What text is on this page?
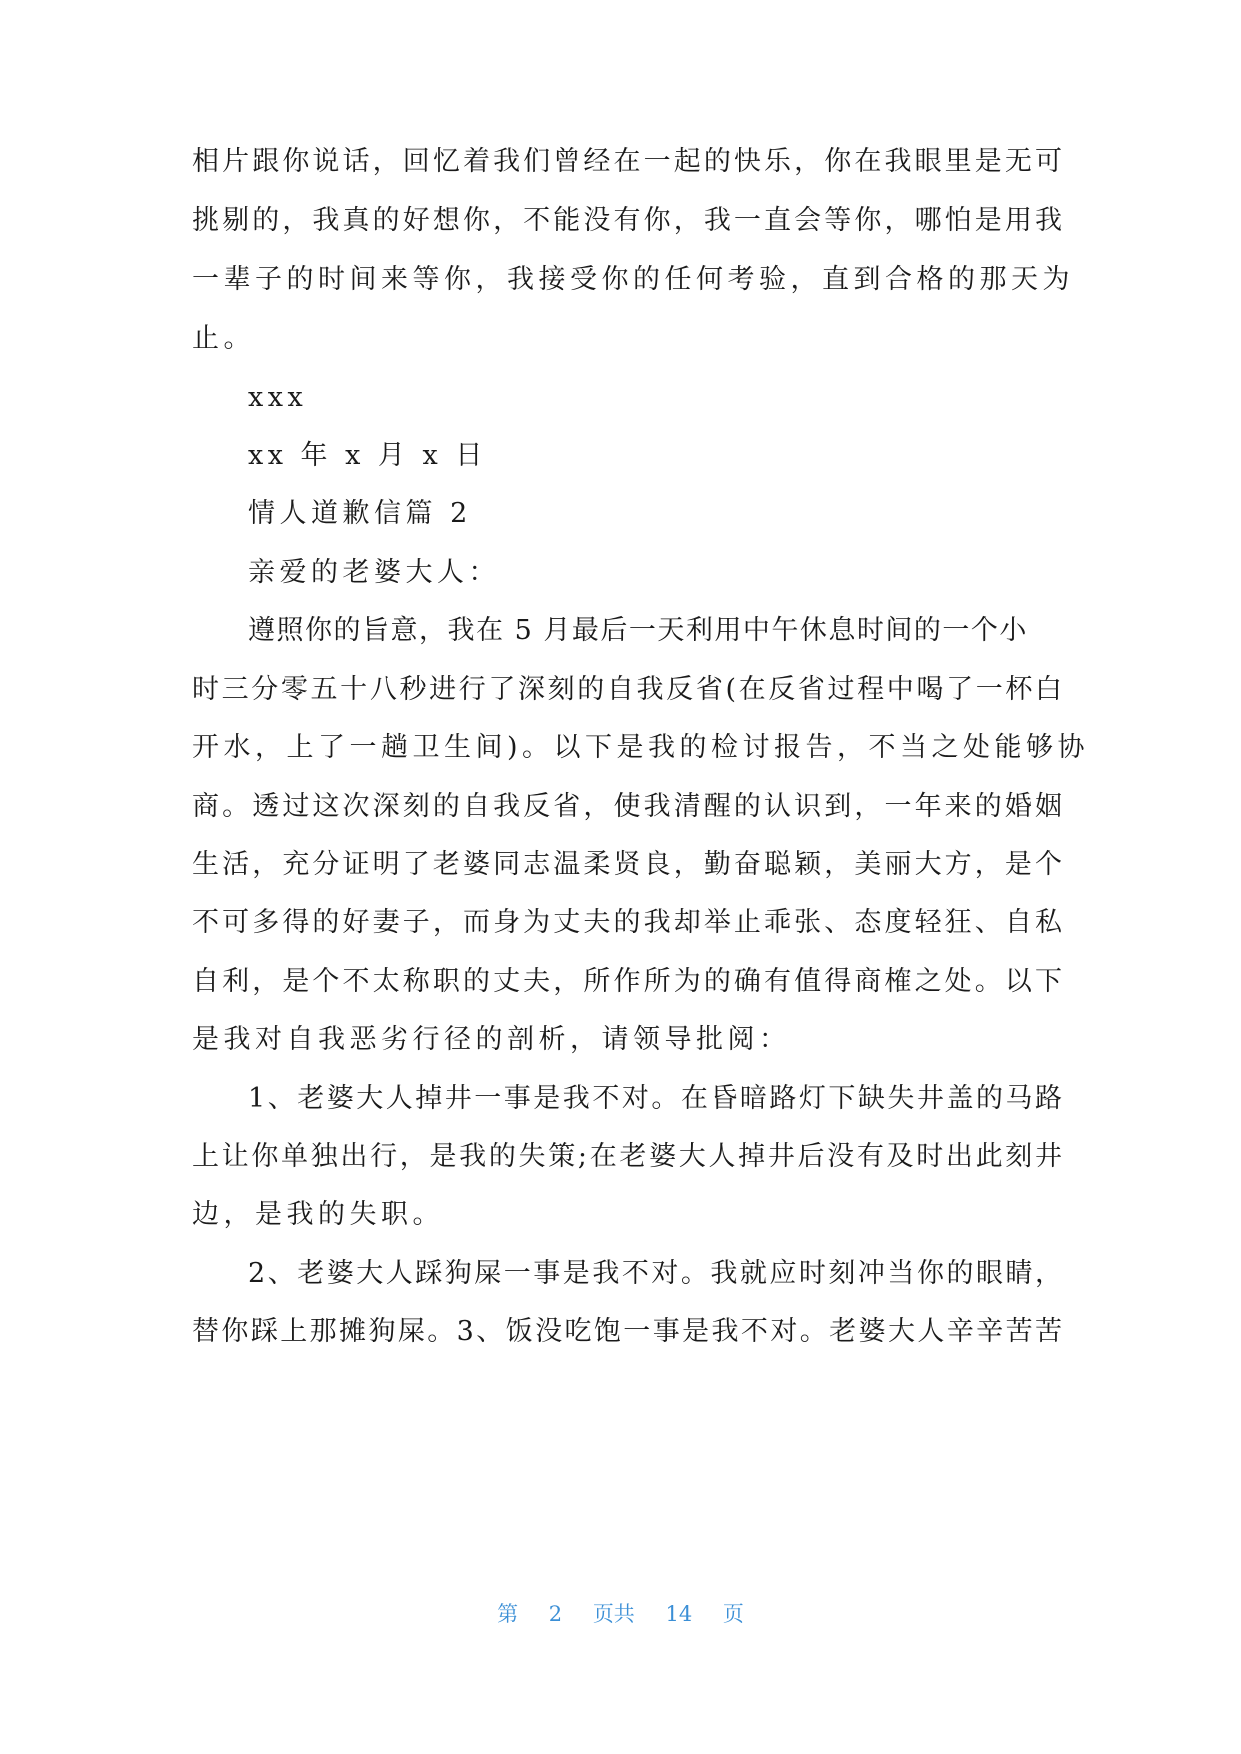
相片跟你说话，回忆着我们曾经在一起的快乐，你在我眼里是无可
挑剔的，我真的好想你，不能没有你，我一直会等你，哪怕是用我
一辈子的时间来等你，我接受你的任何考验，直到合格的那天为
止。
xxx
xx 年 x 月 x 日
情人道歉信篇 2
亲爱的老婆大人：
遵照你的旨意，我在 5 月最后一天利用中午休息时间的一个小
时三分零五十八秒进行了深刻的自我反省(在反省过程中喝了一杯白
开水，上了一趟卫生间)。以下是我的检讨报告，不当之处能够协
商。透过这次深刻的自我反省，使我清醒的认识到，一年来的婚姻
生活，充分证明了老婆同志温柔贤良，勤奋聪颖，美丽大方，是个
不可多得的好妻子，而身为丈夫的我却举止乖张、态度轻狂、自私
自利，是个不太称职的丈夫，所作所为的确有值得商榷之处。以下
是我对自我恶劣行径的剖析，请领导批阅：
1、老婆大人掉井一事是我不对。在昏暗路灯下缺失井盖的马路
上让你单独出行，是我的失策;在老婆大人掉井后没有及时出此刻井
边，是我的失职。
2、老婆大人踩狗屎一事是我不对。我就应时刻冲当你的眼睛，
替你踩上那摊狗屎。3、饭没吃饱一事是我不对。老婆大人辛辛苦苦
第 2 页共 14 页
